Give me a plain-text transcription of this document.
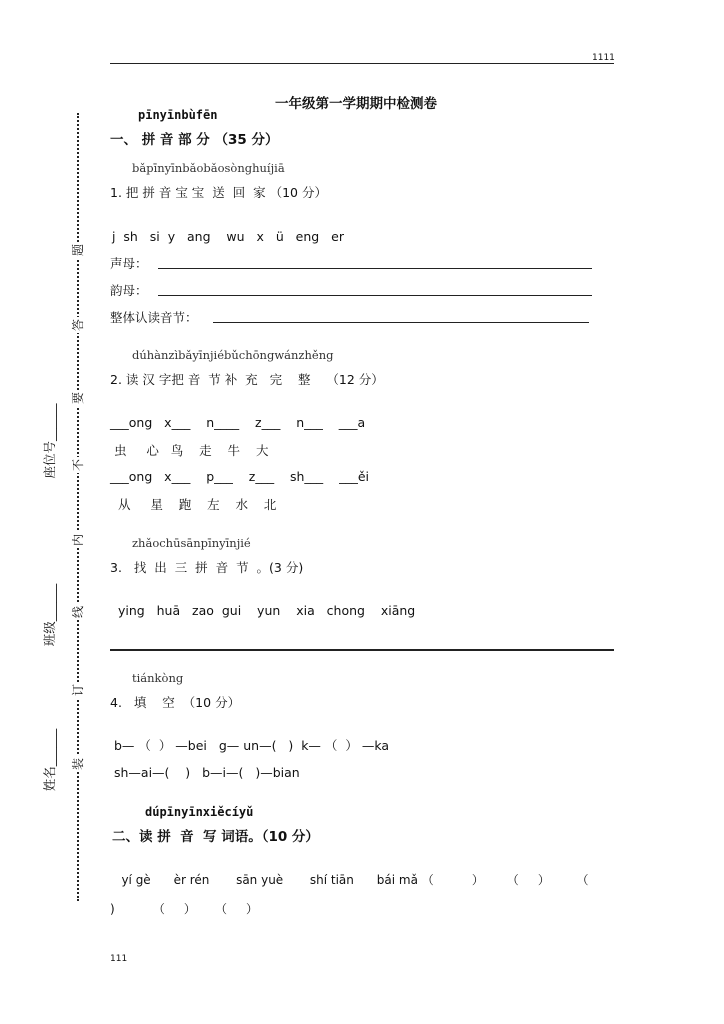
1111
装
订
线
内
不
要
答
题
姓名______
班级______
座位号______
一年级第一学期期中检测卷
pīnyīnbùfēn
一、 拼 音 部 分 （35 分）
bǎpīnyīnbǎobǎosònghuíjiā
1. 把 拼 音 宝 宝  送  回  家 （10 分）
j  sh   si  y   ang    wu   x   ü   eng   er
声母：
韵母：
整体认读音节：
dúhànzìbǎyīnjiébǔchōngwánzhěng
2. 读 汉 字把 音  节 补  充   完    整    （12 分）
___ong   x___    n____    z___    n___    ___a
虫     心   鸟    走    牛    大
___ong   x___    p___    z___    sh___    ___ěi
从     星    跑    左    水    北
zhǎochūsānpīnyīnjié
3.   找  出  三  拼  音  节  。(3 分)
ying   huā   zao  gui    yun    xia   chong    xiāng
tiánkòng
4.   填    空  （10 分）
b— （  ） —bei   g— un—(   )  k— （  ） —ka
sh—ai—(    )   b—i—(   )—bian
dúpīnyīnxiěcíyǔ
二、读 拼  音  写 词语。（10 分）
yí gè      èr rén       sān yuè       shí tiān      bái mǎ （          ）      （     ）       （
)          （     ）     （     ）
111
